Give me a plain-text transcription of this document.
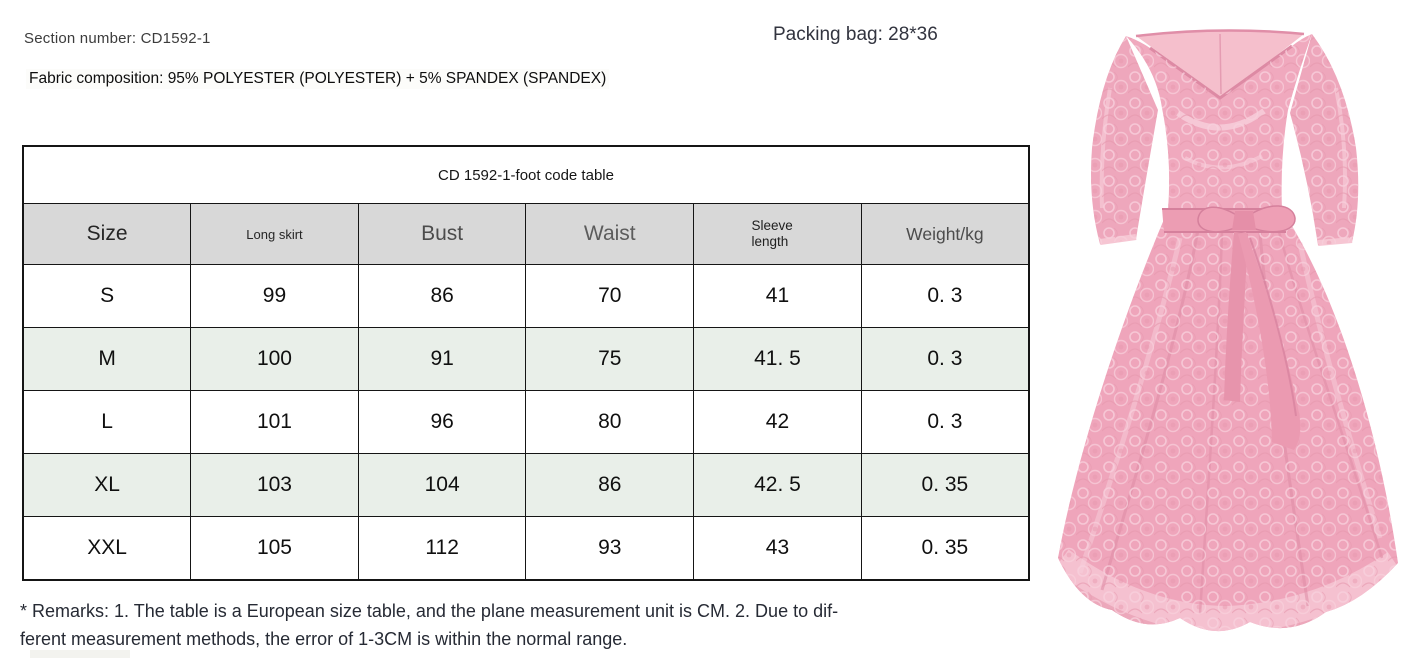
Section number: CD1592-1	Packing bag: 28*36
Fabric composition: 95% POLYESTER (POLYESTER) + 5% SPANDEX (SPANDEX)
CD 1592-1-foot code table					
Size	Long skirt	Bust	Waist	Sleeve length	Weight/kg
S	99	86	70	41	0. 3
M	100	91	75	41. 5	0. 3
L	101	96	80	42	0. 3
XL	103	104	86	42. 5	0. 35
XXL	105	112	93	43	0. 35
* Remarks: 1. The table is a European size table, and the plane measurement unit is CM. 2. Due to dif-
ferent measurement methods, the error of 1-3CM is within the normal range.
